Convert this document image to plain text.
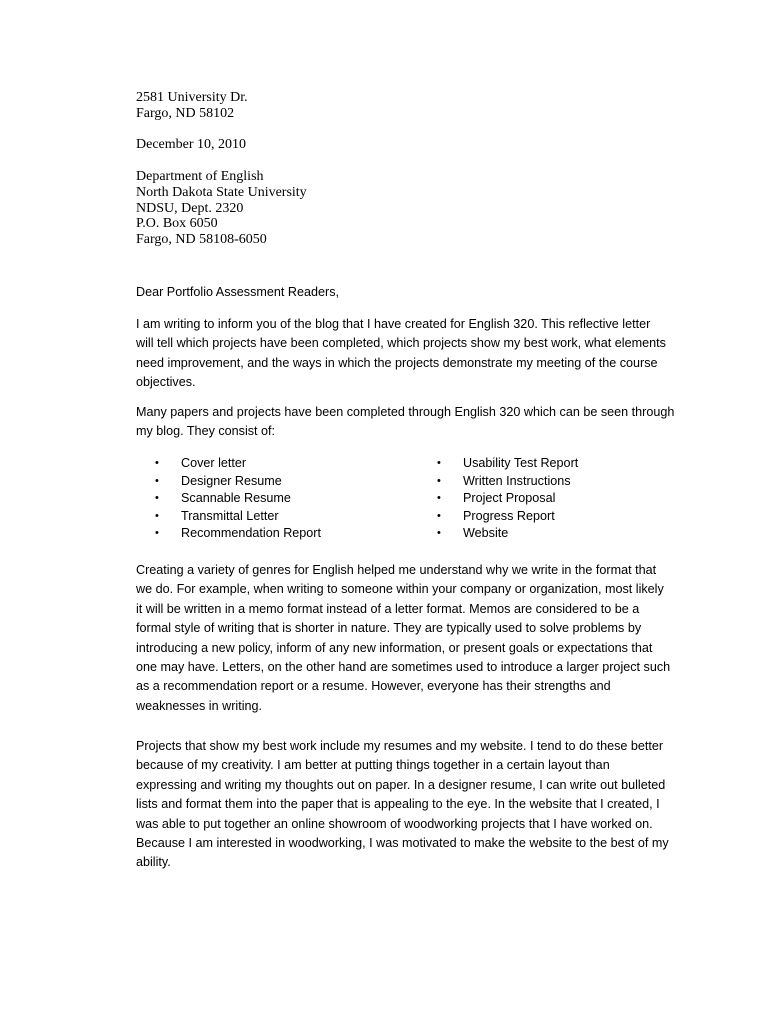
2581 University Dr.
Fargo, ND 58102
December 10, 2010
Department of English
North Dakota State University
NDSU, Dept. 2320
P.O. Box 6050
Fargo, ND 58108-6050
Dear Portfolio Assessment Readers,
I am writing to inform you of the blog that I have created for English 320. This reflective letter
will tell which projects have been completed, which projects show my best work, what elements
need improvement, and the ways in which the projects demonstrate my meeting of the course
objectives.
Many papers and projects have been completed through English 320 which can be seen through
my blog. They consist of:
• Cover letter
• Designer Resume
• Scannable Resume
• Transmittal Letter
• Recommendation Report
• Usability Test Report
• Written Instructions
• Project Proposal
• Progress Report
• Website
Creating a variety of genres for English helped me understand why we write in the format that
we do. For example, when writing to someone within your company or organization, most likely
it will be written in a memo format instead of a letter format. Memos are considered to be a
formal style of writing that is shorter in nature. They are typically used to solve problems by
introducing a new policy, inform of any new information, or present goals or expectations that
one may have. Letters, on the other hand are sometimes used to introduce a larger project such
as a recommendation report or a resume. However, everyone has their strengths and
weaknesses in writing.
Projects that show my best work include my resumes and my website. I tend to do these better
because of my creativity. I am better at putting things together in a certain layout than
expressing and writing my thoughts out on paper. In a designer resume, I can write out bulleted
lists and format them into the paper that is appealing to the eye. In the website that I created, I
was able to put together an online showroom of woodworking projects that I have worked on.
Because I am interested in woodworking, I was motivated to make the website to the best of my
ability.
